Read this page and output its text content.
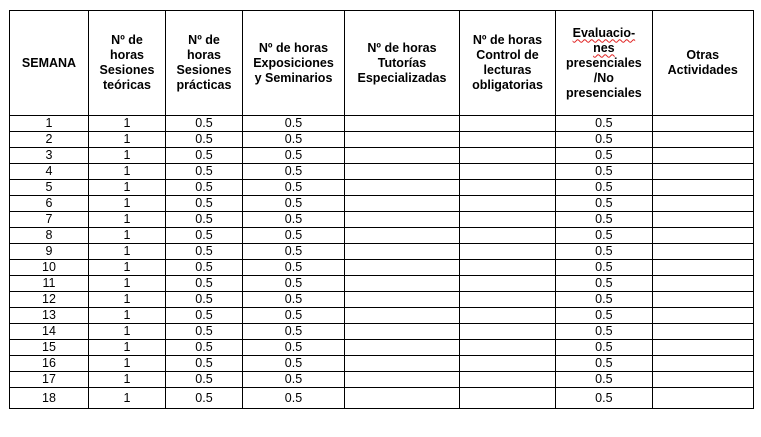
SEMANA	Nº de horas Sesiones teóricas	Nº de horas Sesiones prácticas	Nº de horas Exposiciones y Seminarios	Nº de horas Tutorías Especializadas	Nº de horas Control de lecturas obligatorias	Evaluacio-
nes
presenciales /No presenciales	Otras Actividades

1	1	0.5	0.5			0.5	
2	1	0.5	0.5			0.5	
3	1	0.5	0.5			0.5	
4	1	0.5	0.5			0.5	
5	1	0.5	0.5			0.5	
6	1	0.5	0.5			0.5	
7	1	0.5	0.5			0.5	
8	1	0.5	0.5			0.5	
9	1	0.5	0.5			0.5	
10	1	0.5	0.5			0.5	
11	1	0.5	0.5			0.5	
12	1	0.5	0.5			0.5	
13	1	0.5	0.5			0.5	
14	1	0.5	0.5			0.5	
15	1	0.5	0.5			0.5	
16	1	0.5	0.5			0.5	
17	1	0.5	0.5			0.5	
18	1	0.5	0.5			0.5	
